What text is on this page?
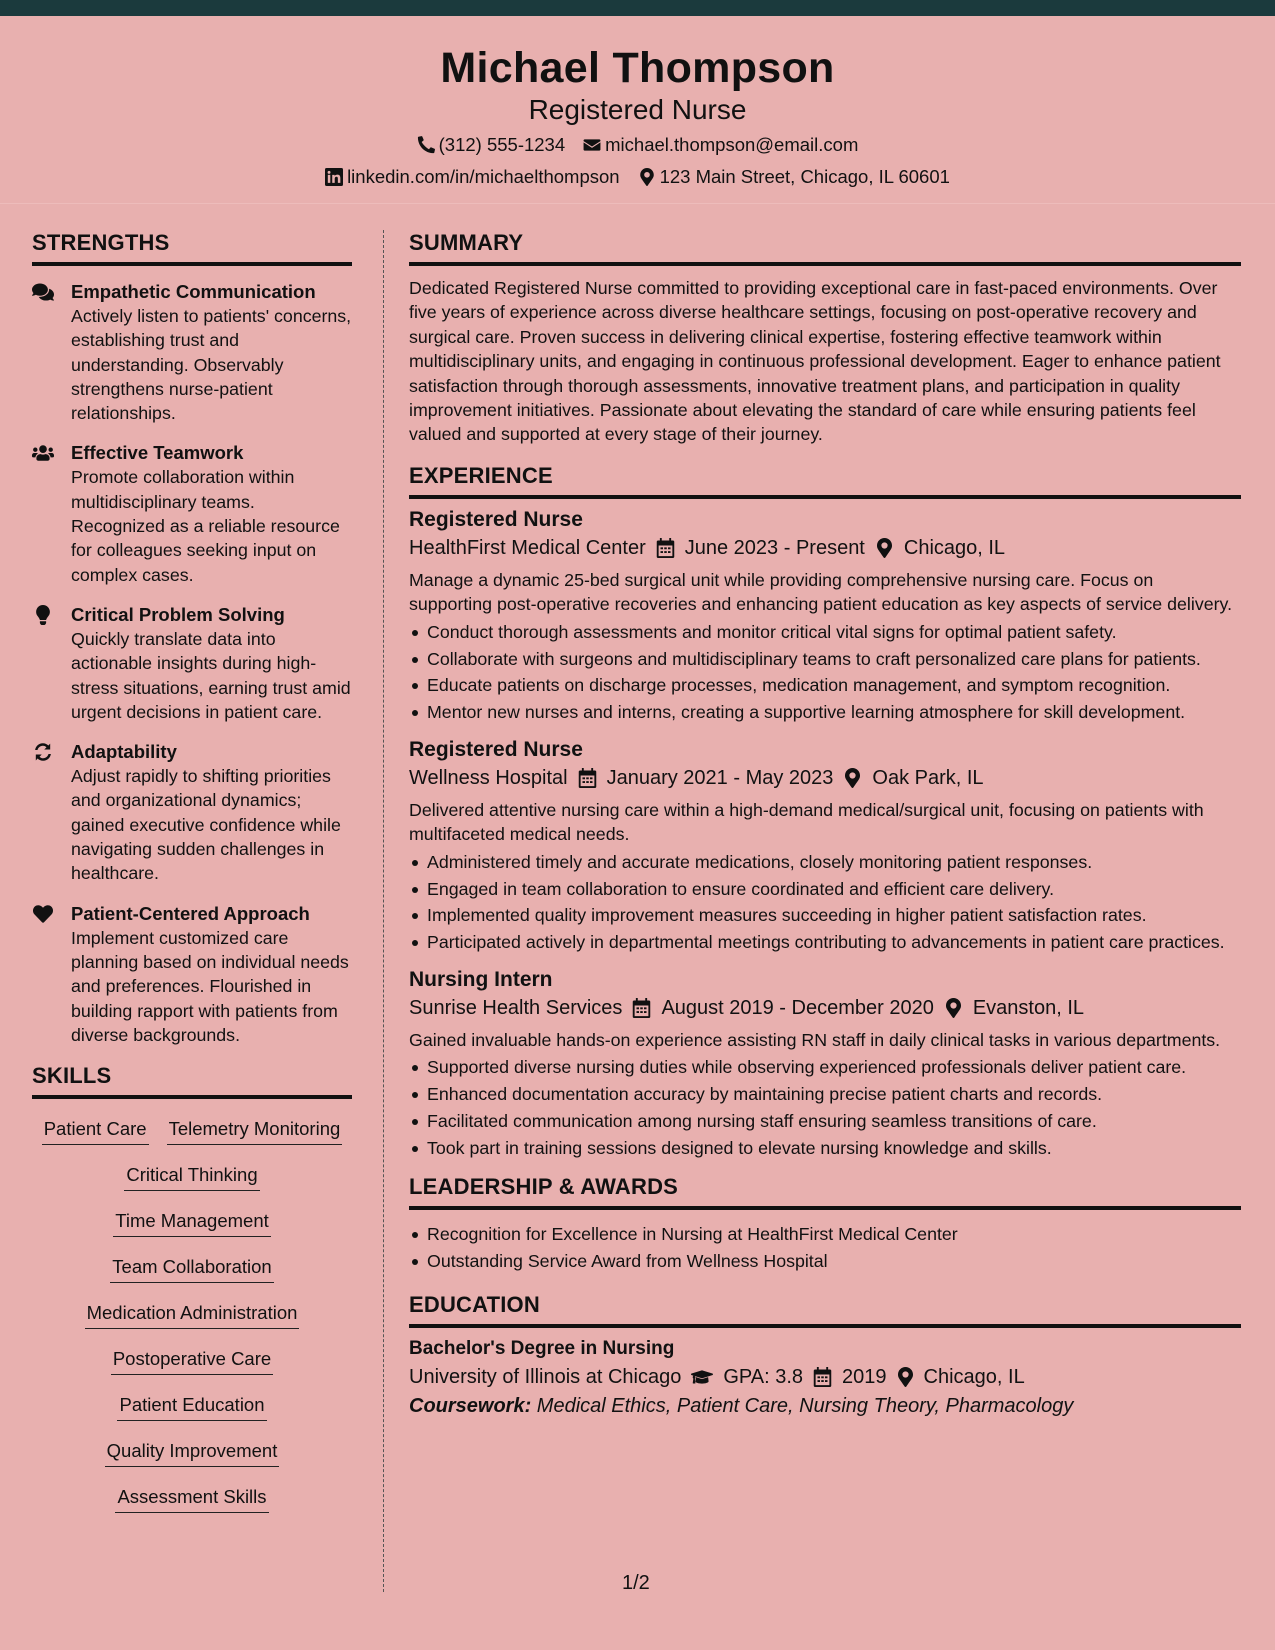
Michael Thompson
Registered Nurse
(312) 555-1234 michael.thompson@email.com
linkedin.com/in/michaelthompson 123 Main Street, Chicago, IL 60601
STRENGTHS
Empathetic Communication
Actively listen to patients' concerns, establishing trust and understanding. Observably strengthens nurse-patient relationships.
Effective Teamwork
Promote collaboration within multidisciplinary teams. Recognized as a reliable resource for colleagues seeking input on complex cases.
Critical Problem Solving
Quickly translate data into actionable insights during high-stress situations, earning trust amid urgent decisions in patient care.
Adaptability
Adjust rapidly to shifting priorities and organizational dynamics; gained executive confidence while navigating sudden challenges in healthcare.
Patient-Centered Approach
Implement customized care planning based on individual needs and preferences. Flourished in building rapport with patients from diverse backgrounds.
SKILLS
Patient Care Telemetry Monitoring
Critical Thinking
Time Management
Team Collaboration
Medication Administration
Postoperative Care
Patient Education
Quality Improvement
Assessment Skills
SUMMARY
Dedicated Registered Nurse committed to providing exceptional care in fast-paced environments. Over five years of experience across diverse healthcare settings, focusing on post-operative recovery and surgical care. Proven success in delivering clinical expertise, fostering effective teamwork within multidisciplinary units, and engaging in continuous professional development. Eager to enhance patient satisfaction through thorough assessments, innovative treatment plans, and participation in quality improvement initiatives. Passionate about elevating the standard of care while ensuring patients feel valued and supported at every stage of their journey.
EXPERIENCE
Registered Nurse
HealthFirst Medical Center June 2023 - Present Chicago, IL
Manage a dynamic 25-bed surgical unit while providing comprehensive nursing care. Focus on supporting post-operative recoveries and enhancing patient education as key aspects of service delivery.
Conduct thorough assessments and monitor critical vital signs for optimal patient safety.
Collaborate with surgeons and multidisciplinary teams to craft personalized care plans for patients.
Educate patients on discharge processes, medication management, and symptom recognition.
Mentor new nurses and interns, creating a supportive learning atmosphere for skill development.
Registered Nurse
Wellness Hospital January 2021 - May 2023 Oak Park, IL
Delivered attentive nursing care within a high-demand medical/surgical unit, focusing on patients with multifaceted medical needs.
Administered timely and accurate medications, closely monitoring patient responses.
Engaged in team collaboration to ensure coordinated and efficient care delivery.
Implemented quality improvement measures succeeding in higher patient satisfaction rates.
Participated actively in departmental meetings contributing to advancements in patient care practices.
Nursing Intern
Sunrise Health Services August 2019 - December 2020 Evanston, IL
Gained invaluable hands-on experience assisting RN staff in daily clinical tasks in various departments.
Supported diverse nursing duties while observing experienced professionals deliver patient care.
Enhanced documentation accuracy by maintaining precise patient charts and records.
Facilitated communication among nursing staff ensuring seamless transitions of care.
Took part in training sessions designed to elevate nursing knowledge and skills.
LEADERSHIP & AWARDS
Recognition for Excellence in Nursing at HealthFirst Medical Center
Outstanding Service Award from Wellness Hospital
EDUCATION
Bachelor's Degree in Nursing
University of Illinois at Chicago GPA: 3.8 2019 Chicago, IL
Coursework: Medical Ethics, Patient Care, Nursing Theory, Pharmacology
1/2
